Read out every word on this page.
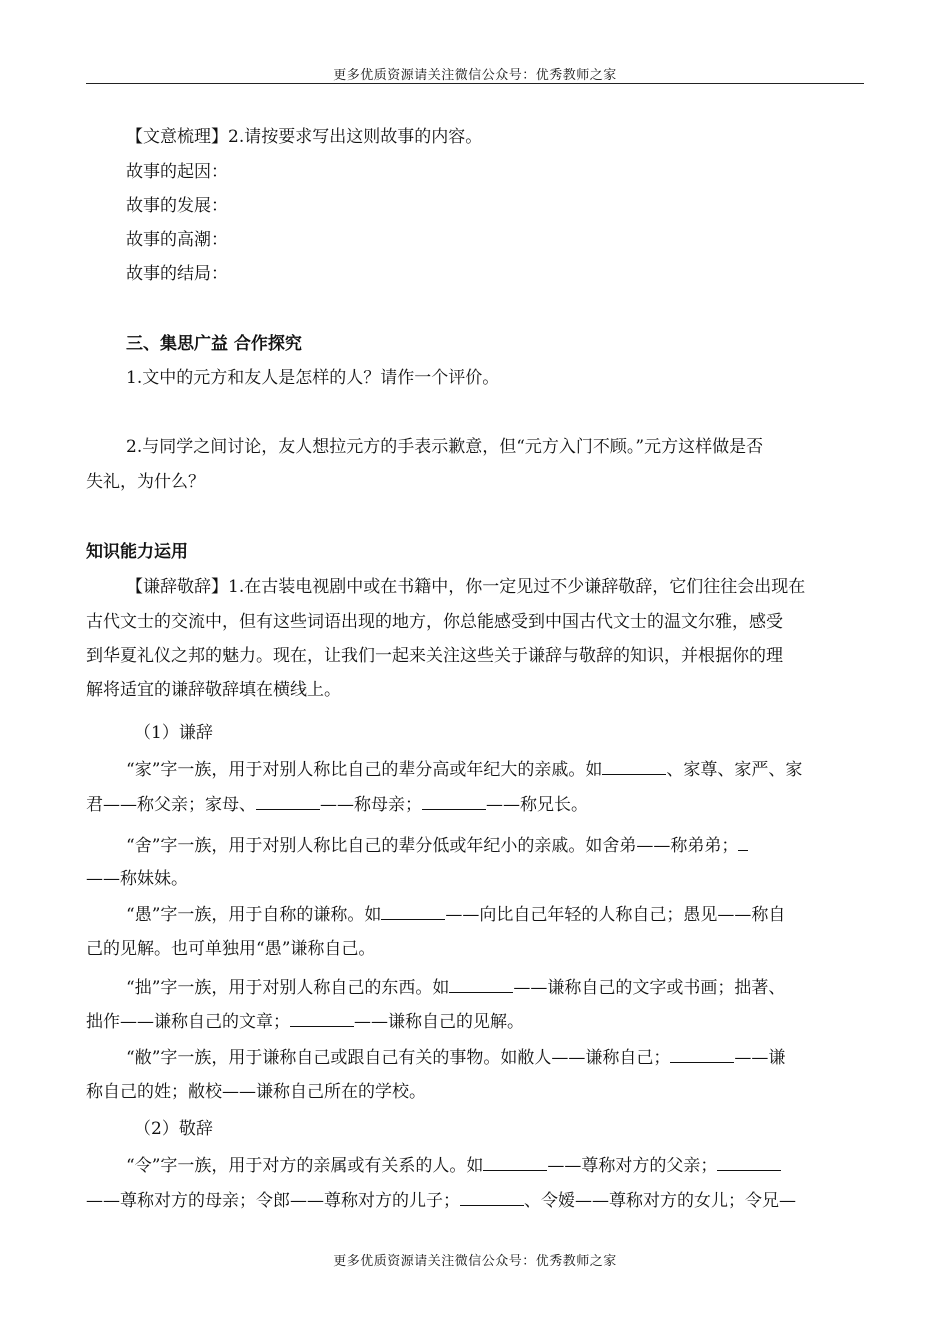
更多优质资源请关注微信公众号：优秀教师之家
【文意梳理】2.请按要求写出这则故事的内容。
故事的起因：
故事的发展：
故事的高潮：
故事的结局：
三、集思广益 合作探究
1.文中的元方和友人是怎样的人？请作一个评价。
2.与同学之间讨论，友人想拉元方的手表示歉意，但“元方入门不顾。”元方这样做是否
失礼，为什么？
知识能力运用
【谦辞敬辞】1.在古装电视剧中或在书籍中，你一定见过不少谦辞敬辞，它们往往会出现在
古代文士的交流中，但有这些词语出现的地方，你总能感受到中国古代文士的温文尔雅，感受
到华夏礼仪之邦的魅力。现在，让我们一起来关注这些关于谦辞与敬辞的知识，并根据你的理
解将适宜的谦辞敬辞填在横线上。
（1）谦辞
“家”字一族，用于对别人称比自己的辈分高或年纪大的亲戚。如	、家尊、家严、家
君——称父亲；家母、	——称母亲；	——称兄长。
“舍”字一族，用于对别人称比自己的辈分低或年纪小的亲戚。如舍弟——称弟弟；
——称妹妹。
“愚”字一族，用于自称的谦称。如	——向比自己年轻的人称自己；愚见——称自
己的见解。也可单独用“愚”谦称自己。
“拙”字一族，用于对别人称自己的东西。如	——谦称自己的文字或书画；拙著、
拙作——谦称自己的文章；	——谦称自己的见解。
“敝”字一族，用于谦称自己或跟自己有关的事物。如敝人——谦称自己；	——谦
称自己的姓；敝校——谦称自己所在的学校。
（2）敬辞
“令”字一族，用于对方的亲属或有关系的人。如	——尊称对方的父亲；
——尊称对方的母亲；令郎——尊称对方的儿子；	、令嫒——尊称对方的女儿；令兄—
更多优质资源请关注微信公众号：优秀教师之家
